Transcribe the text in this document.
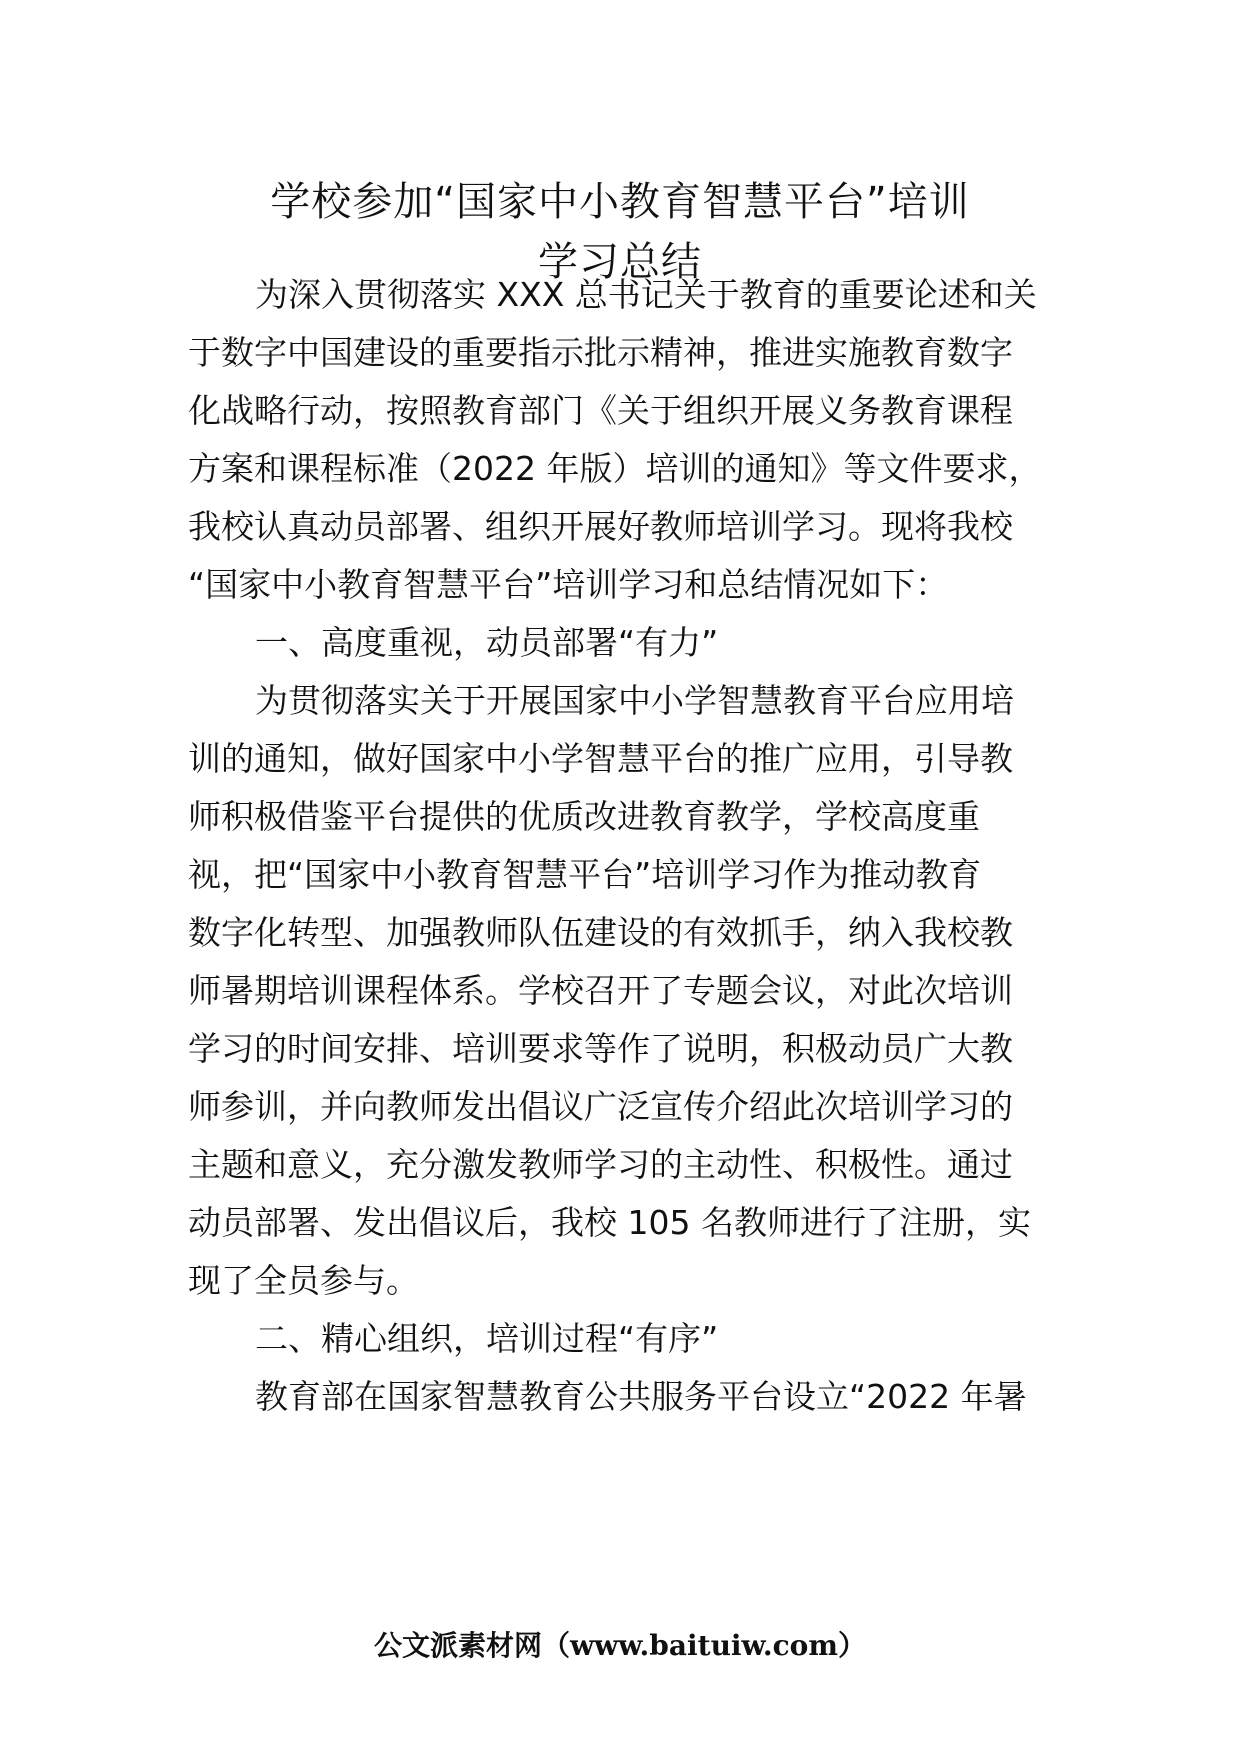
学校参加“国家中小教育智慧平台”培训
学习总结
为深入贯彻落实 XXX 总书记关于教育的重要论述和关
于数字中国建设的重要指示批示精神，推进实施教育数字
化战略行动，按照教育部门《关于组织开展义务教育课程
方案和课程标准（2022 年版）培训的通知》等文件要求，
我校认真动员部署、组织开展好教师培训学习。现将我校
“国家中小教育智慧平台”培训学习和总结情况如下：
一、高度重视，动员部署“有力”
为贯彻落实关于开展国家中小学智慧教育平台应用培
训的通知，做好国家中小学智慧平台的推广应用，引导教
师积极借鉴平台提供的优质改进教育教学，学校高度重
视，把“国家中小教育智慧平台”培训学习作为推动教育
数字化转型、加强教师队伍建设的有效抓手，纳入我校教
师暑期培训课程体系。学校召开了专题会议，对此次培训
学习的时间安排、培训要求等作了说明，积极动员广大教
师参训，并向教师发出倡议广泛宣传介绍此次培训学习的
主题和意义，充分激发教师学习的主动性、积极性。通过
动员部署、发出倡议后，我校 105 名教师进行了注册，实
现了全员参与。
二、精心组织，培训过程“有序”
教育部在国家智慧教育公共服务平台设立“2022 年暑
公文派素材网（www.baituiw.com）
